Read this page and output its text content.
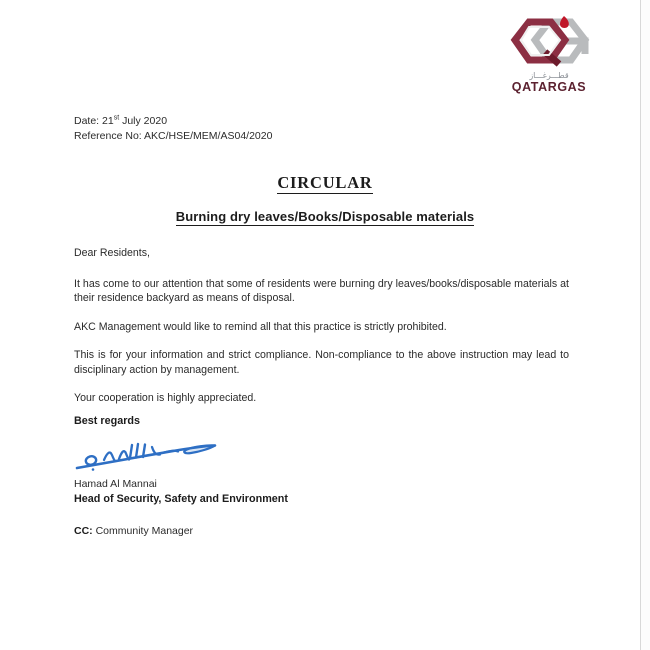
قطـــرغـــاز
QATARGAS
Date: 21st July 2020
Reference No: AKC/HSE/MEM/AS04/2020
CIRCULAR
Burning dry leaves/Books/Disposable materials

Dear Residents,

It has come to our attention that some of residents were burning dry leaves/books/disposable materials at their residence backyard as means of disposal.

AKC Management would like to remind all that this practice is strictly prohibited.

This is for your information and strict compliance. Non-compliance to the above instruction may lead to disciplinary action by management.

Your cooperation is highly appreciated.

Best regards
Hamad Al Mannai
Head of Security, Safety and Environment
CC: Community Manager
